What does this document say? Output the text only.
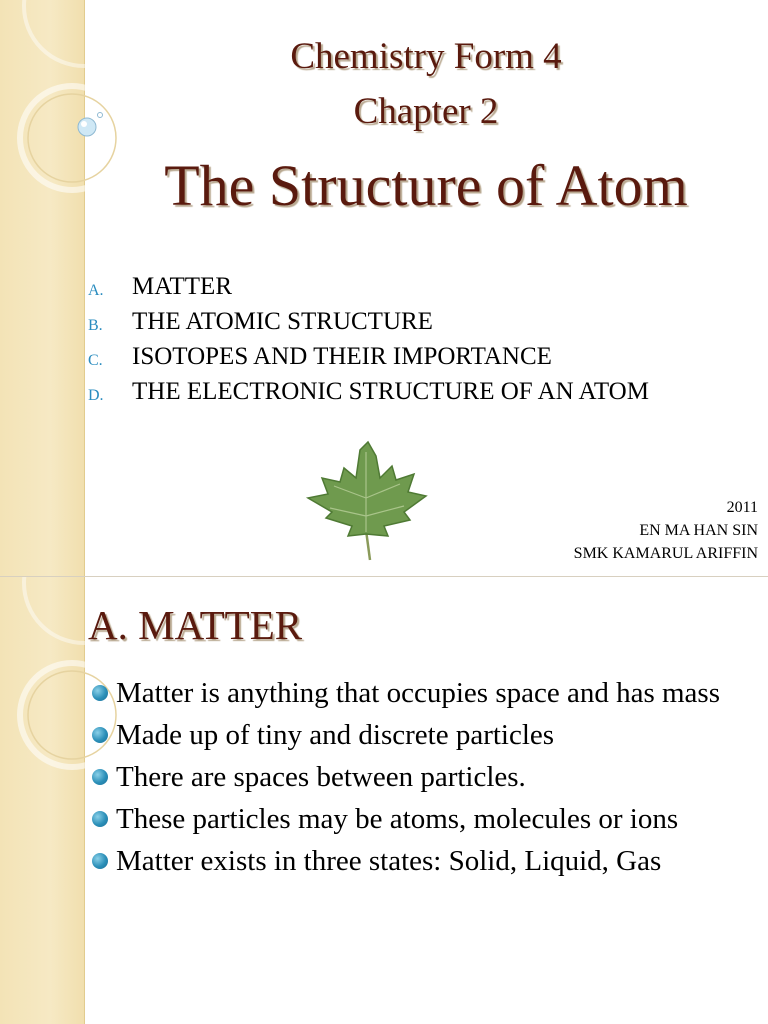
Chemistry Form 4
Chapter 2
The Structure of Atom
A. MATTER
B. THE ATOMIC STRUCTURE
C. ISOTOPES AND THEIR IMPORTANCE
D. THE ELECTRONIC STRUCTURE OF AN ATOM
2011
EN MA HAN SIN
SMK KAMARUL ARIFFIN
A. MATTER
Matter is anything that occupies space and has mass
Made up of tiny and discrete particles
There are spaces between particles.
These particles may be atoms, molecules or ions
Matter exists in three states: Solid, Liquid, Gas
